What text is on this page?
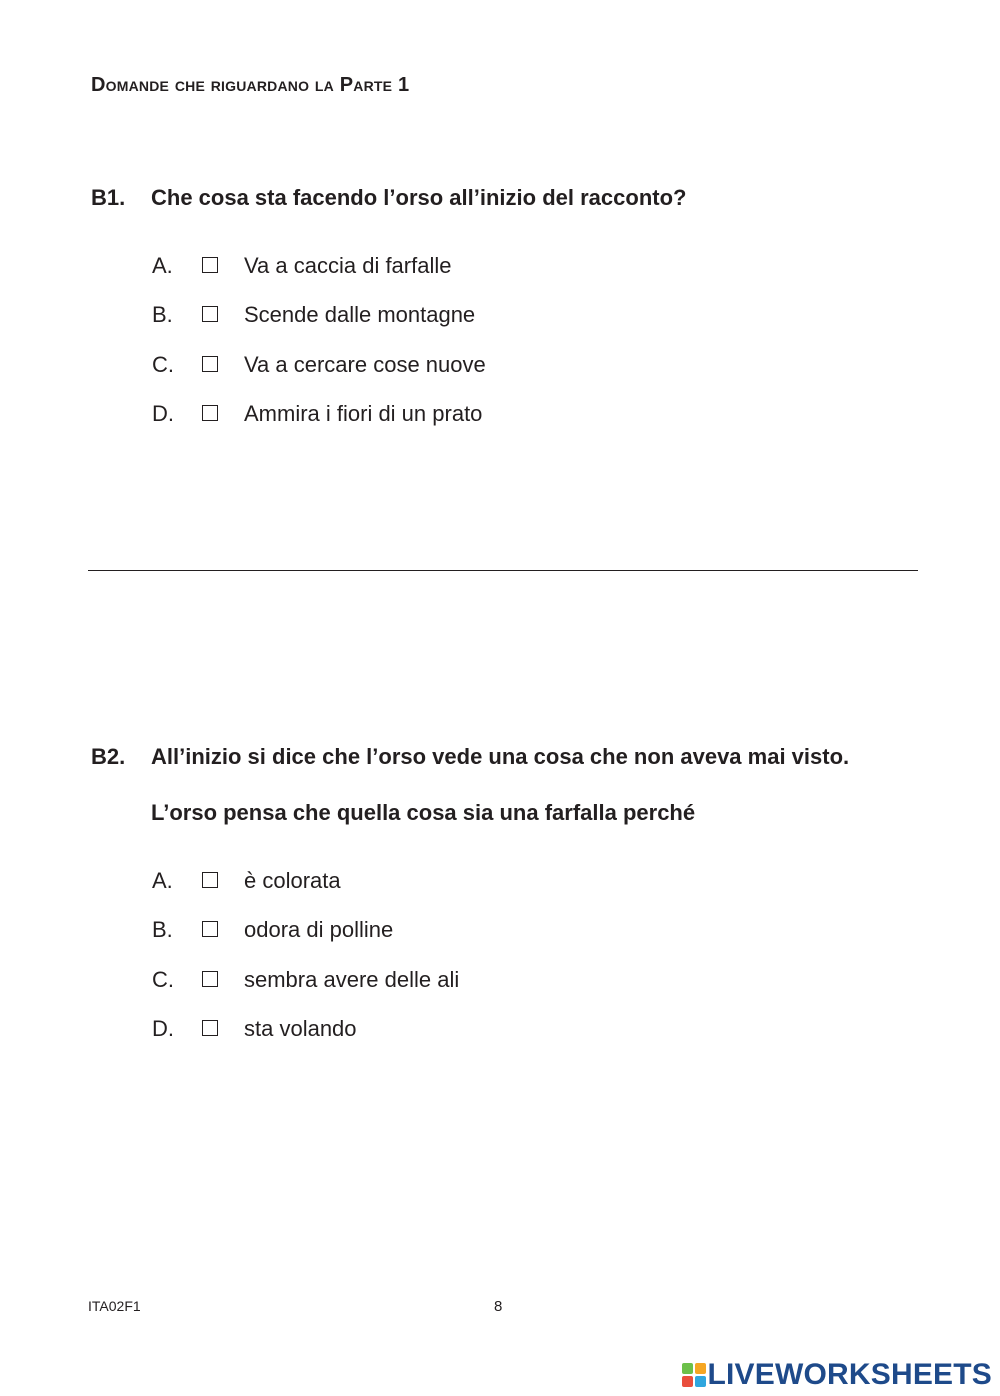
Domande che riguardano la Parte 1
B1. Che cosa sta facendo l’orso all’inizio del racconto?
A.	Va a caccia di farfalle
B.	Scende dalle montagne
C.	Va a cercare cose nuove
D.	Ammira i fiori di un prato
B2. All’inizio si dice che l’orso vede una cosa che non aveva mai visto.
L’orso pensa che quella cosa sia una farfalla perché
A.	è colorata
B.	odora di polline
C.	sembra avere delle ali
D.	sta volando
ITA02F1	8
LIVEWORKSHEETS
